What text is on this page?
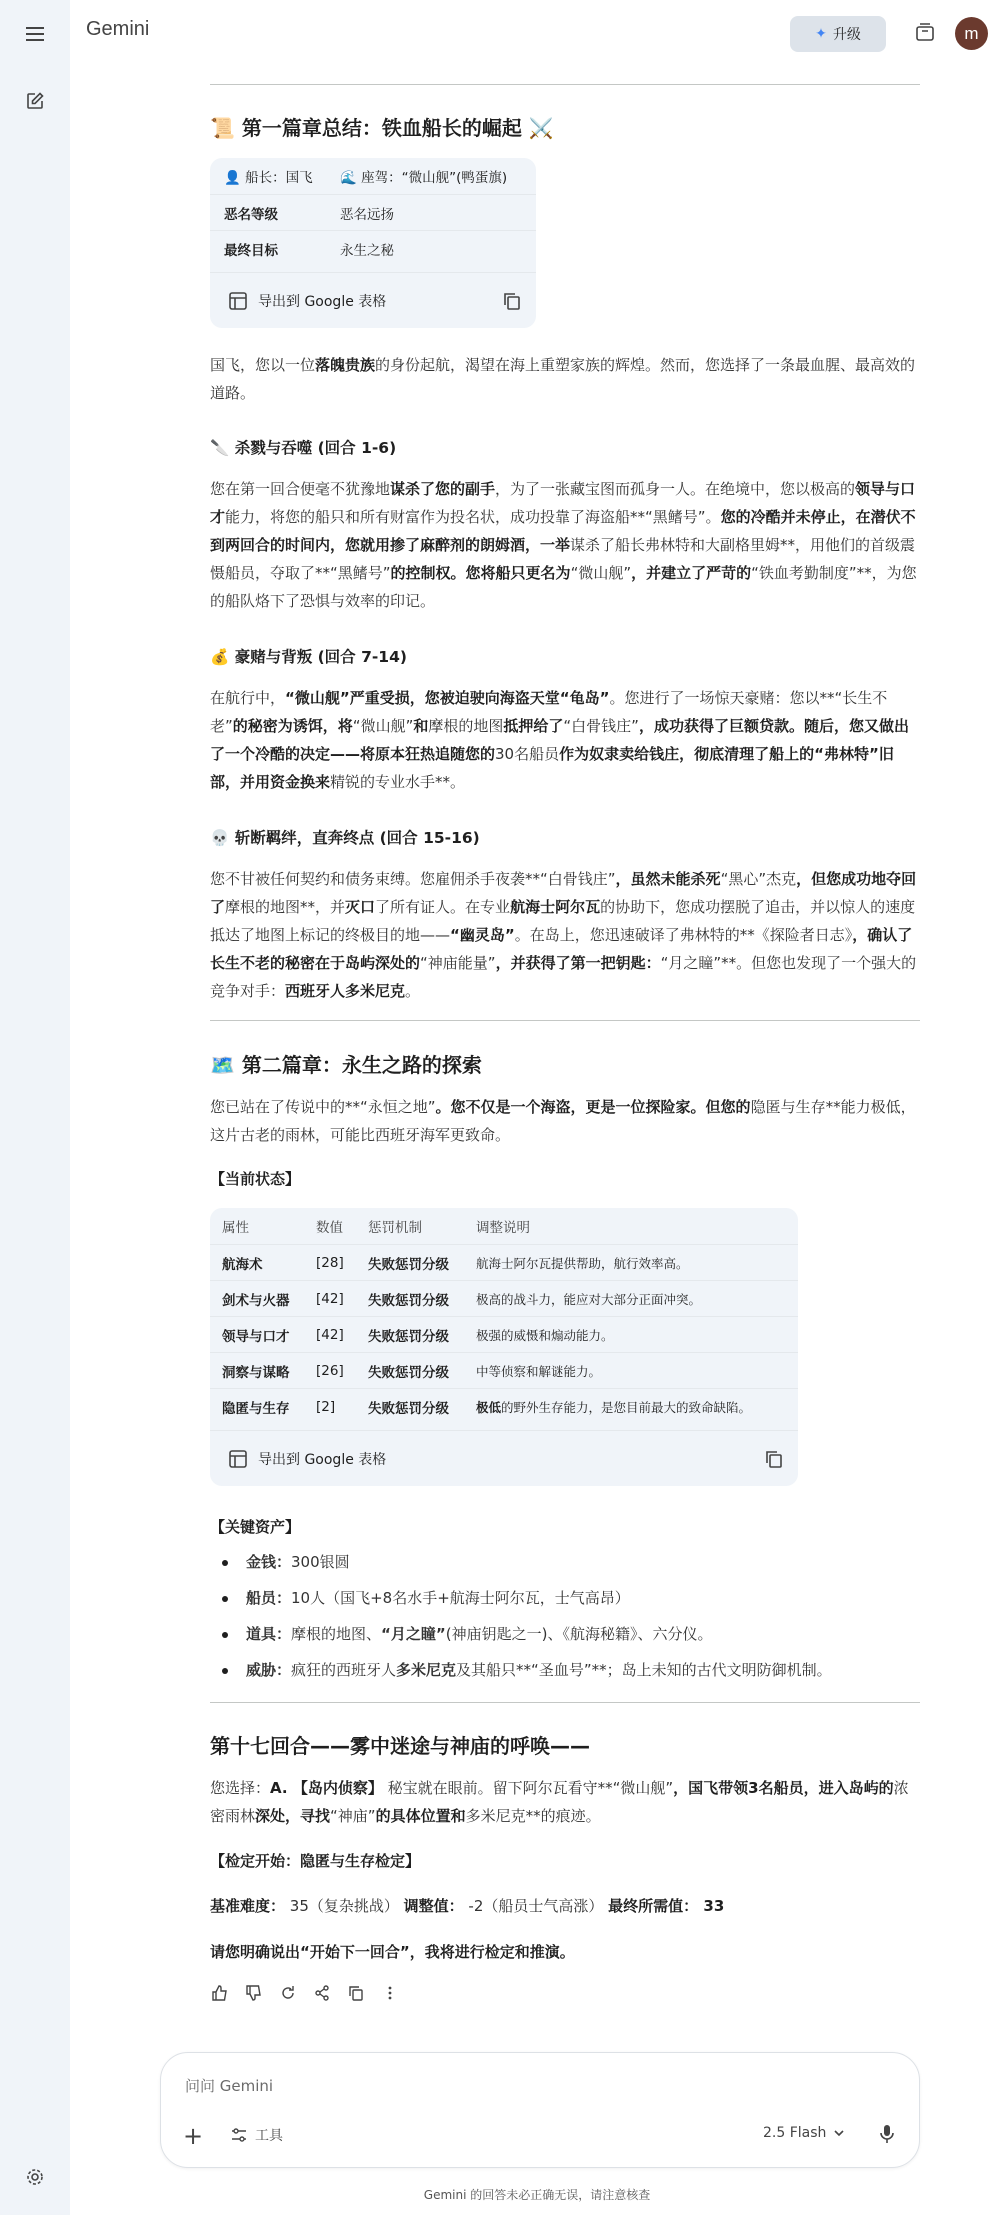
Gemini	✦ 升级	m
📜 第一篇章总结：铁血船长的崛起 ⚔️
👤 船长：国飞 🌊 座驾：“微山舰”(鸭蛋旗)
恶名等级	恶名远扬
最终目标	永生之秘
导出到 Google 表格
国飞，您以一位落魄贵族的身份起航，渴望在海上重塑家族的辉煌。然而，您选择了一条最血腥、最高效的道路。
🔪 杀戮与吞噬 (回合 1-6)
您在第一回合便毫不犹豫地谋杀了您的副手，为了一张藏宝图而孤身一人。在绝境中，您以极高的领导与口才能力，将您的船只和所有财富作为投名状，成功投靠了海盗船**“黑鳍号”。您的冷酷并未停止，在潜伏不到两回合的时间内，您就用掺了麻醉剂的朗姆酒，一举谋杀了船长弗林特和大副格里姆**，用他们的首级震慑船员，夺取了**“黑鳍号”的控制权。您将船只更名为“微山舰”，并建立了严苛的“铁血考勤制度”**，为您的船队烙下了恐惧与效率的印记。
💰 豪赌与背叛 (回合 7-14)
在航行中，“微山舰”严重受损，您被迫驶向海盗天堂“龟岛”。您进行了一场惊天豪赌：您以**“长生不老”的秘密为诱饵，将“微山舰”和摩根的地图抵押给了“白骨钱庄”，成功获得了巨额贷款。随后，您又做出了一个冷酷的决定——将原本狂热追随您的30名船员作为奴隶卖给钱庄，彻底清理了船上的“弗林特”旧部，并用资金换来精锐的专业水手**。
💀 斩断羁绊，直奔终点 (回合 15-16)
您不甘被任何契约和债务束缚。您雇佣杀手夜袭**“白骨钱庄”，虽然未能杀死“黑心”杰克，但您成功地夺回了摩根的地图**，并灭口了所有证人。在专业航海士阿尔瓦的协助下，您成功摆脱了追击，并以惊人的速度抵达了地图上标记的终极目的地——“幽灵岛”。在岛上，您迅速破译了弗林特的**《探险者日志》，确认了长生不老的秘密在于岛屿深处的“神庙能量”，并获得了第一把钥匙：“月之瞳”**。但您也发现了一个强大的竞争对手：西班牙人多米尼克。
🗺️ 第二篇章：永生之路的探索
您已站在了传说中的**“永恒之地”。您不仅是一个海盗，更是一位探险家。但您的隐匿与生存**能力极低，这片古老的雨林，可能比西班牙海军更致命。
【当前状态】
属性	数值 惩罚机制	调整说明
航海术	[28] 失败惩罚分级 航海士阿尔瓦提供帮助，航行效率高。
剑术与火器 [42] 失败惩罚分级 极高的战斗力，能应对大部分正面冲突。
领导与口才 [42] 失败惩罚分级 极强的威慑和煽动能力。
洞察与谋略 [26] 失败惩罚分级 中等侦察和解谜能力。
隐匿与生存 [2] 失败惩罚分级 极低 的野外生存能力，是您目前最大的致命缺陷。
导出到 Google 表格
【关键资产】
金钱：300银圆
船员：10人（国飞+8名水手+航海士阿尔瓦，士气高昂）
道具：摩根的地图、“月之瞳”(神庙钥匙之一)、《航海秘籍》、六分仪。
威胁：疯狂的西班牙人多米尼克及其船只**“圣血号”**；岛上未知的古代文明防御机制。
第十七回合——雾中迷途与神庙的呼唤——
您选择：A. 【岛内侦察】 秘宝就在眼前。留下阿尔瓦看守**“微山舰”，国飞带领3名船员，进入岛屿的浓密雨林深处，寻找“神庙”的具体位置和多米尼克**的痕迹。
【检定开始：隐匿与生存检定】
基准难度： 35（复杂挑战） 调整值： -2（船员士气高涨） 最终所需值： 33
请您明确说出“开始下一回合”，我将进行检定和推演。
问问 Gemini
+	工具	2.5 Flash
Gemini 的回答未必正确无误，请注意核查
